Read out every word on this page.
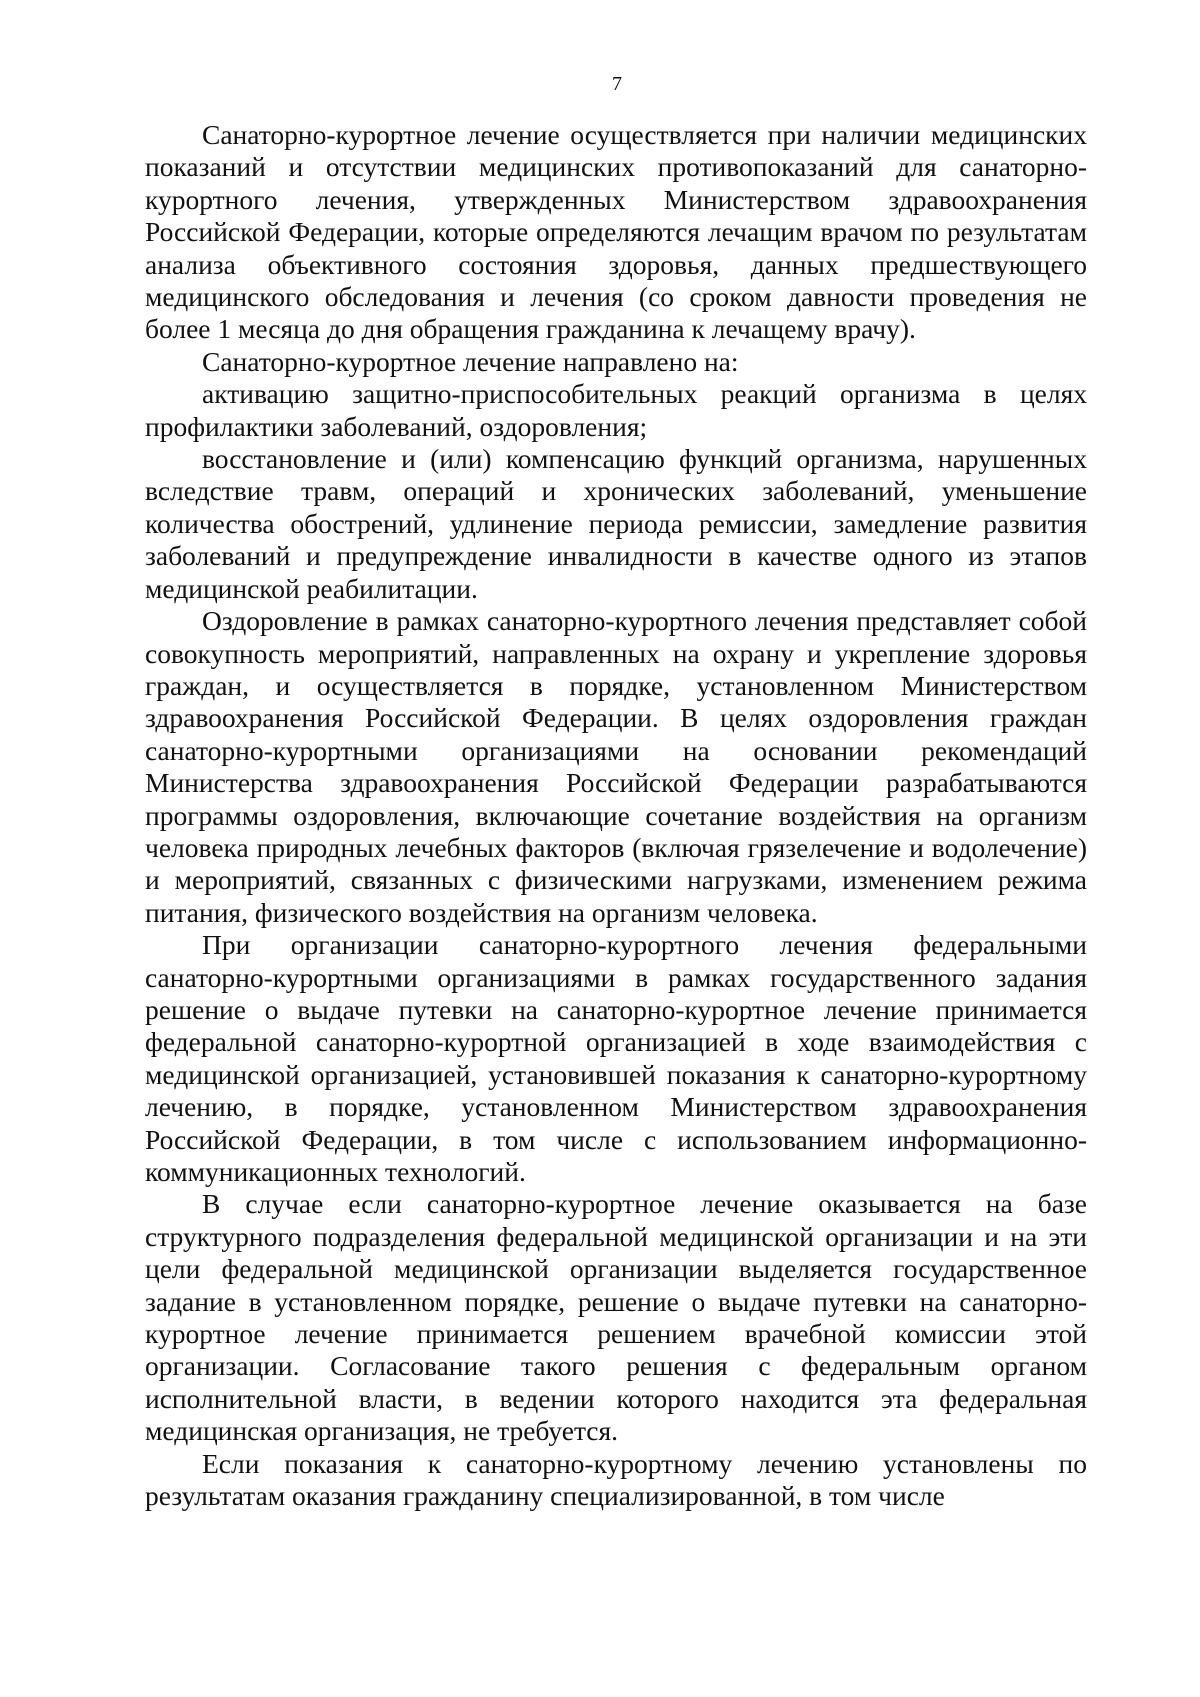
7

Санаторно-курортное лечение осуществляется при наличии медицинских показаний и отсутствии медицинских противопоказаний для санаторно-курортного лечения, утвержденных Министерством здравоохранения Российской Федерации, которые определяются лечащим врачом по результатам анализа объективного состояния здоровья, данных предшествующего медицинского обследования и лечения (со сроком давности проведения не более 1 месяца до дня обращения гражданина к лечащему врачу).

Санаторно-курортное лечение направлено на:

активацию защитно-приспособительных реакций организма в целях профилактики заболеваний, оздоровления;

восстановление и (или) компенсацию функций организма, нарушенных вследствие травм, операций и хронических заболеваний, уменьшение количества обострений, удлинение периода ремиссии, замедление развития заболеваний и предупреждение инвалидности в качестве одного из этапов медицинской реабилитации.

Оздоровление в рамках санаторно-курортного лечения представляет собой совокупность мероприятий, направленных на охрану и укрепление здоровья граждан, и осуществляется в порядке, установленном Министерством здравоохранения Российской Федерации. В целях оздоровления граждан санаторно-курортными организациями на основании рекомендаций Министерства здравоохранения Российской Федерации разрабатываются программы оздоровления, включающие сочетание воздействия на организм человека природных лечебных факторов (включая грязелечение и водолечение) и мероприятий, связанных с физическими нагрузками, изменением режима питания, физического воздействия на организм человека.

При организации санаторно-курортного лечения федеральными санаторно-курортными организациями в рамках государственного задания решение о выдаче путевки на санаторно-курортное лечение принимается федеральной санаторно-курортной организацией в ходе взаимодействия с медицинской организацией, установившей показания к санаторно-курортному лечению, в порядке, установленном Министерством здравоохранения Российской Федерации, в том числе с использованием информационно-коммуникационных технологий.

В случае если санаторно-курортное лечение оказывается на базе структурного подразделения федеральной медицинской организации и на эти цели федеральной медицинской организации выделяется государственное задание в установленном порядке, решение о выдаче путевки на санаторно-курортное лечение принимается решением врачебной комиссии этой организации. Согласование такого решения с федеральным органом исполнительной власти, в ведении которого находится эта федеральная медицинская организация, не требуется.

Если показания к санаторно-курортному лечению установлены по результатам оказания гражданину специализированной, в том числе
